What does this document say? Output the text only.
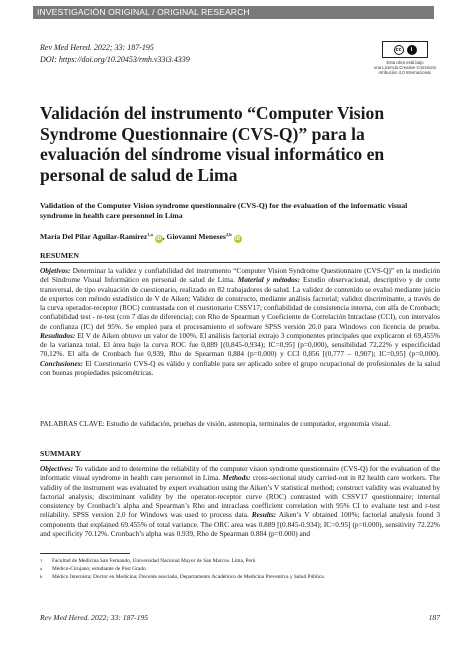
INVESTIGACIÓN ORIGINAL / ORIGINAL RESEARCH
Rev Med Hered. 2022; 33: 187-195
DOI: https://doi.org/10.20453/rmh.v33i3.4339
cc	i
Esta obra está bajo
una Licencia Creative Commons
Atribución 4.0 Internacional.
Validación del instrumento “Computer Vision Syndrome Questionnaire (CVS-Q)” para la evaluación del síndrome visual informático en personal de salud de Lima
Validation of the Computer Vision syndrome questionnaire (CVS-Q) for the evaluation of the informatic visual syndrome in health care personnel in Lima
María Del Pilar Aguilar-Ramírez$^{1,a}$ iD , Giovanni Meneses$^{2,b}$ iD
RESUMEN

Objetivos: Determinar la validez y confiabilidad del instrumento “Computer Vision Syndrome Questionnaire (CVS-Q)” en la medición del Síndrome Visual Informático en personal de salud de Lima. Material y métodos: Estudio observacional, descriptivo y de corte transversal, de tipo evaluación de cuestionario, realizado en 82 trabajadores de salud. La validez de contenido se evaluó mediante juicio de expertos con método estadístico de V de Aiken; Validez de constructo, mediante análisis factorial; validez discriminante, a través de la curva operador-receptor (ROC) contrastada con el cuestionario CSSV17; confiabilidad de consistencia interna, con alfa de Cronbach; confiabilidad test - re-test (con 7 días de diferencia); con Rho de Spearman y Coeficiente de Correlación Intraclase (CCI), con intervalos de confianza (IC) del 95%. Se empleó para el procesamiento el software SPSS versión 20.0 para Windows con licencia de prueba. Resultados: El V de Aiken obtuvo un valor de 100%. El análisis factorial extrajo 3 componentes principales que explicaron el 69,455% de la varianza total. El área bajo la curva ROC fue 0,889 [(0,845-0,934); IC=0,95] (p=0,000), sensibilidad 72,22% y especificidad 70,12%. El alfa de Cronbach fue 0,939, Rho de Spearman 0,884 (p=0,000) y CCI 0,856 [(0,777 – 0,907); IC=0,95] (p=0,000). Conclusiones: El Cuestionario CVS-Q es válido y confiable para ser aplicado sobre el grupo ocupacional de profesionales de la salud con buenas propiedades psicométricas.

PALABRAS CLAVE: Estudio de validación, pruebas de visión, astenopia, terminales de computador, ergonomía visual.

SUMMARY

Objectives: To validate and to determine the reliability of the computer vision syndrome questionnaire (CVS-Q) for the evaluation of the informatic visual syndrome in health care personnel in Lima. Methods: cross-sectional study carried-out in 82 health care workers. The validity of the instrument was evaluated by expert evaluation using the Aiken’s V statistical method; construct validity was evaluated by factorial analysis; discriminant validity by the operator-receptor curve (ROC) contrasted with CSSV17 questionnaire; internal consistency by Cronbach’s alpha and Spearman’s Rho and intraclass coefficient correlation with 95% CI to evaluate test and r-test reliability. SPSS version 2.0 for Windows was used to process data. Results: Aiken’s V obtained 100%; factorial analysis found 3 components that explained 69.455% of total variance. The ORC area was 0.889 [(0.845-0.934); IC=0.95] (p=0.000), sensitivity 72.22% and specificity 70.12%. Cronbach’s alpha was 0.939, Rho de Spearman 0.884 (p=0.000) and

1	Facultad de Medicina San Fernando, Universidad Nacional Mayor de San Marcos. Lima, Perú
a	Médico-Cirujano; estudiante de Post Grado.
b	Médico Internista; Doctor en Medicina; Docente asociado, Departamento Académico de Medicina Preventiva y Salud Pública.
Rev Med Hered. 2022; 33: 187-195	187
